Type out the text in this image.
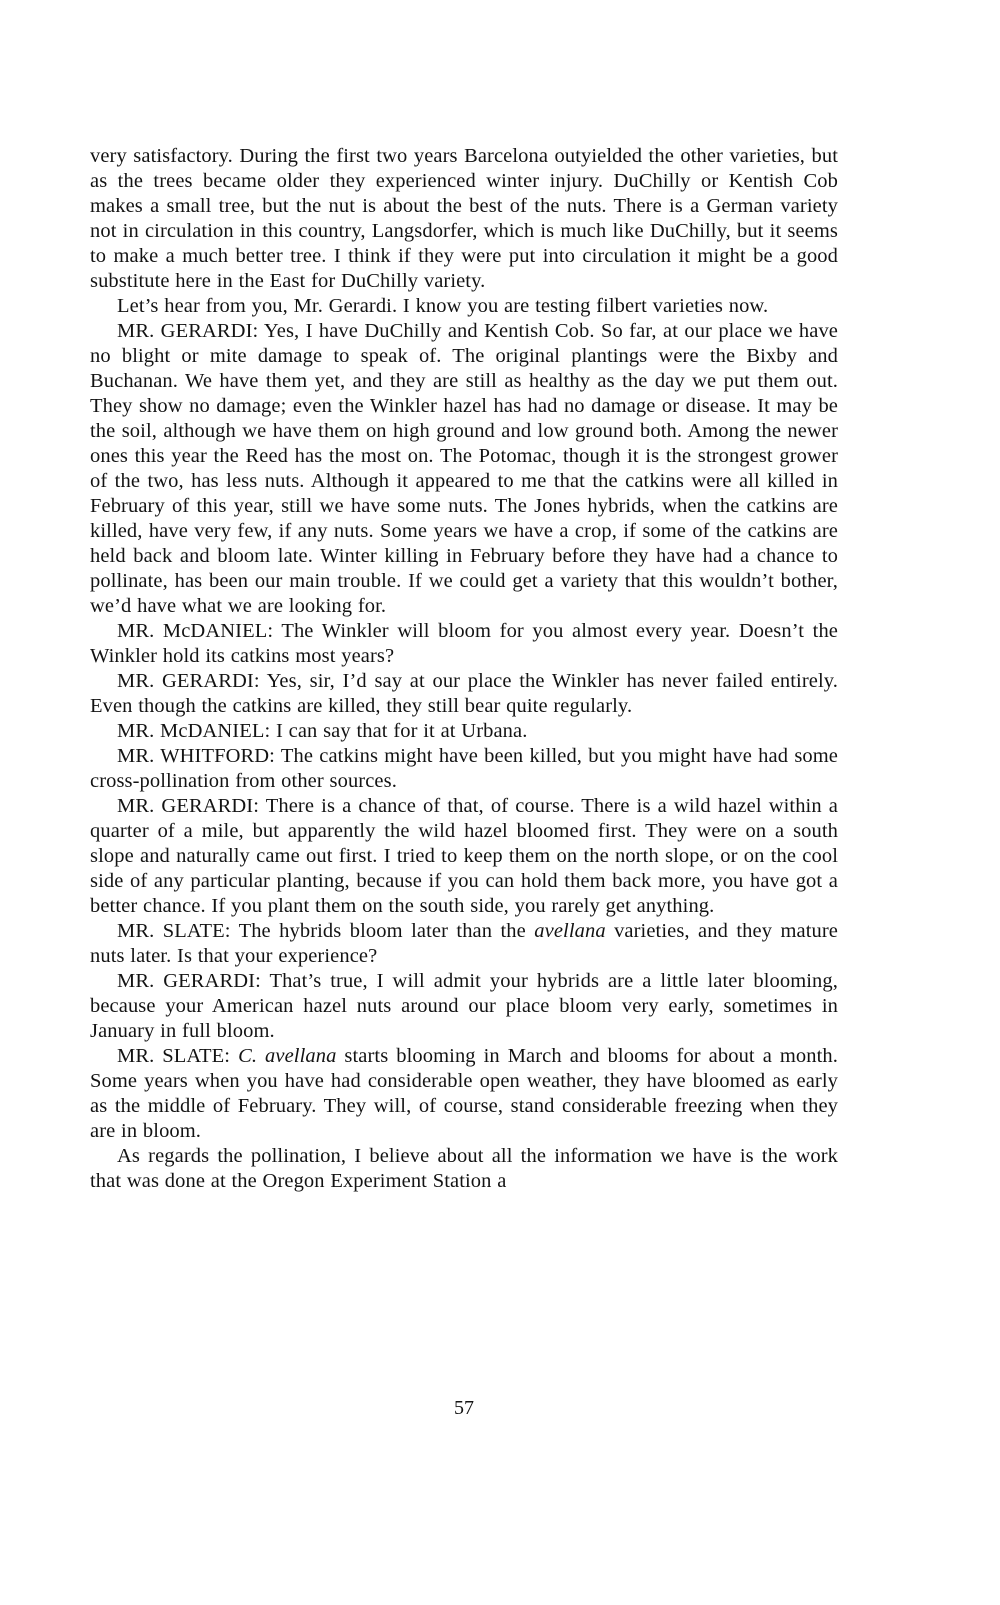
very satisfactory. During the first two years Barcelona outyielded the other varieties, but as the trees became older they experienced winter injury. DuChilly or Kentish Cob makes a small tree, but the nut is about the best of the nuts. There is a German variety not in circulation in this country, Langsdorfer, which is much like DuChilly, but it seems to make a much better tree. I think if they were put into circulation it might be a good substitute here in the East for DuChilly variety.

Let’s hear from you, Mr. Gerardi. I know you are testing filbert varieties now.

MR. GERARDI: Yes, I have DuChilly and Kentish Cob. So far, at our place we have no blight or mite damage to speak of. The original plantings were the Bixby and Buchanan. We have them yet, and they are still as healthy as the day we put them out. They show no damage; even the Winkler hazel has had no damage or disease. It may be the soil, although we have them on high ground and low ground both. Among the newer ones this year the Reed has the most on. The Potomac, though it is the strongest grower of the two, has less nuts. Although it appeared to me that the catkins were all killed in February of this year, still we have some nuts. The Jones hybrids, when the catkins are killed, have very few, if any nuts. Some years we have a crop, if some of the catkins are held back and bloom late. Winter killing in February before they have had a chance to pollinate, has been our main trouble. If we could get a variety that this wouldn’t bother, we’d have what we are looking for.

MR. McDANIEL: The Winkler will bloom for you almost every year. Doesn’t the Winkler hold its catkins most years?

MR. GERARDI: Yes, sir, I’d say at our place the Winkler has never failed entirely. Even though the catkins are killed, they still bear quite regularly.

MR. McDANIEL: I can say that for it at Urbana.

MR. WHITFORD: The catkins might have been killed, but you might have had some cross-pollination from other sources.

MR. GERARDI: There is a chance of that, of course. There is a wild hazel within a quarter of a mile, but apparently the wild hazel bloomed first. They were on a south slope and naturally came out first. I tried to keep them on the north slope, or on the cool side of any particular planting, because if you can hold them back more, you have got a better chance. If you plant them on the south side, you rarely get anything.

MR. SLATE: The hybrids bloom later than the avellana varieties, and they mature nuts later. Is that your experience?

MR. GERARDI: That’s true, I will admit your hybrids are a little later blooming, because your American hazel nuts around our place bloom very early, sometimes in January in full bloom.

MR. SLATE: C. avellana starts blooming in March and blooms for about a month. Some years when you have had considerable open weather, they have bloomed as early as the middle of February. They will, of course, stand considerable freezing when they are in bloom.

As regards the pollination, I believe about all the information we have is the work that was done at the Oregon Experiment Station a

57
